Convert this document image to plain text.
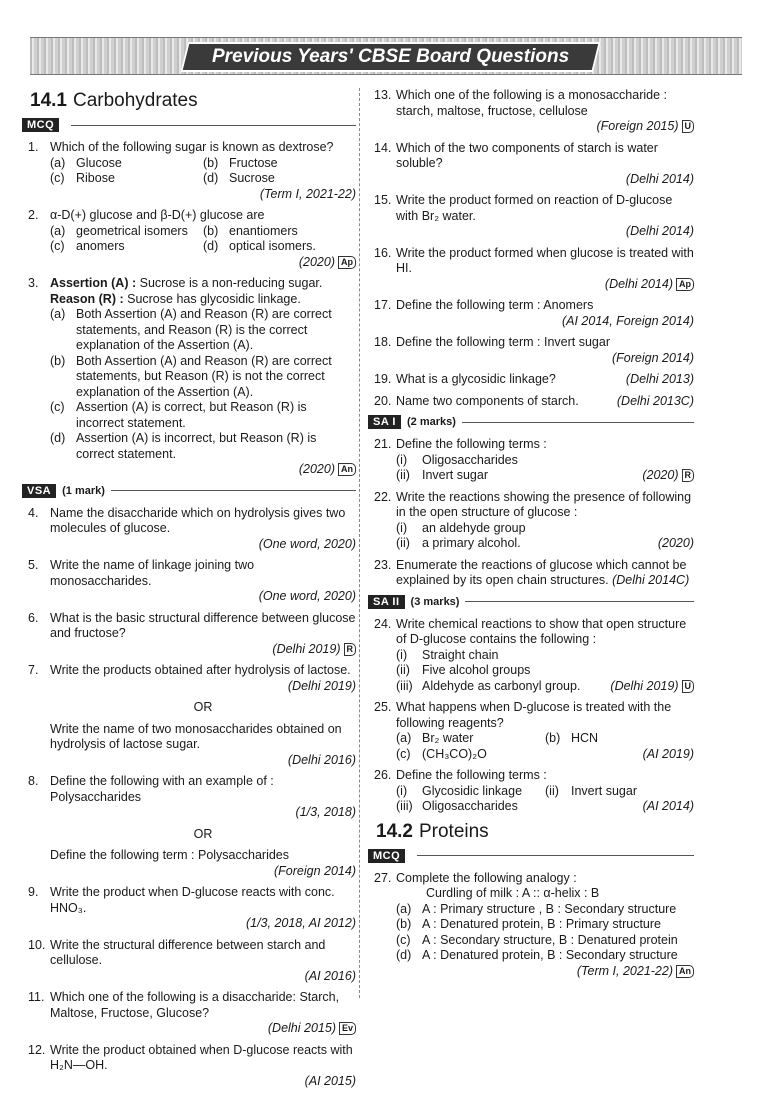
Previous Years' CBSE Board Questions
14.1 Carbohydrates
MCQ
1. Which of the following sugar is known as dextrose?
(a) Glucose	(b) Fructose
(c) Ribose	(d) Sucrose
(Term I, 2021-22)
2. α-D(+) glucose and β-D(+) glucose are
(a) geometrical isomers (b) enantiomers
(c) anomers	(d) optical isomers.
(2020) Ap
3. Assertion (A) : Sucrose is a non-reducing sugar.
Reason (R) : Sucrose has glycosidic linkage.
(a) Both Assertion (A) and Reason (R) are correct statements, and Reason (R) is the correct explanation of the Assertion (A).
(b) Both Assertion (A) and Reason (R) are correct statements, but Reason (R) is not the correct explanation of the Assertion (A).
(c) Assertion (A) is correct, but Reason (R) is incorrect statement.
(d) Assertion (A) is incorrect, but Reason (R) is correct statement.
(2020) An
VSA	(1 mark)
4. Name the disaccharide which on hydrolysis gives two molecules of glucose.
(One word, 2020)
5. Write the name of linkage joining two monosaccharides.
(One word, 2020)
6. What is the basic structural difference between glucose and fructose?
(Delhi 2019) R
7. Write the products obtained after hydrolysis of lactose.
(Delhi 2019)
OR
Write the name of two monosaccharides obtained on hydrolysis of lactose sugar.
(Delhi 2016)
8. Define the following with an example of :
Polysaccharides
(1/3, 2018)
OR
Define the following term : Polysaccharides
(Foreign 2014)
9. Write the product when D-glucose reacts with conc. HNO₃.
(1/3, 2018, AI 2012)
10. Write the structural difference between starch and cellulose.
(AI 2016)
11. Which one of the following is a disaccharide: Starch, Maltose, Fructose, Glucose?
(Delhi 2015) Ev
12. Write the product obtained when D-glucose reacts with H₂N—OH.
(AI 2015)
13. Which one of the following is a monosaccharide : starch, maltose, fructose, cellulose
(Foreign 2015) U
14. Which of the two components of starch is water soluble?
(Delhi 2014)
15. Write the product formed on reaction of D-glucose with Br₂ water.
(Delhi 2014)
16. Write the product formed when glucose is treated with HI.
(Delhi 2014) Ap
17. Define the following term : Anomers
(AI 2014, Foreign 2014)
18. Define the following term : Invert sugar
(Foreign 2014)
19. What is a glycosidic linkage?	(Delhi 2013)
20. Name two components of starch.	(Delhi 2013C)
SA I	(2 marks)
21. Define the following terms :
(i)	Oligosaccharides
(ii) Invert sugar	(2020) R
22. Write the reactions showing the presence of following in the open structure of glucose :
(i)	an aldehyde group
(ii) a primary alcohol.	(2020)
23. Enumerate the reactions of glucose which cannot be explained by its open chain structures. (Delhi 2014C)
SA II	(3 marks)
24. Write chemical reactions to show that open structure of D-glucose contains the following :
(i)	Straight chain
(ii) Five alcohol groups
(iii) Aldehyde as carbonyl group. (Delhi 2019) U
25. What happens when D-glucose is treated with the following reagents?
(a) Br₂ water	(b) HCN
(c) (CH₃CO)₂O	(AI 2019)
26. Define the following terms :
(i)	Glycosidic linkage (ii) Invert sugar
(iii) Oligosaccharides	(AI 2014)
14.2 Proteins
MCQ
27. Complete the following analogy :
Curdling of milk : A :: α-helix : B
(a) A : Primary structure , B : Secondary structure
(b) A : Denatured protein, B : Primary structure
(c) A : Secondary structure, B : Denatured protein
(d) A : Denatured protein, B : Secondary structure
(Term I, 2021-22) An
